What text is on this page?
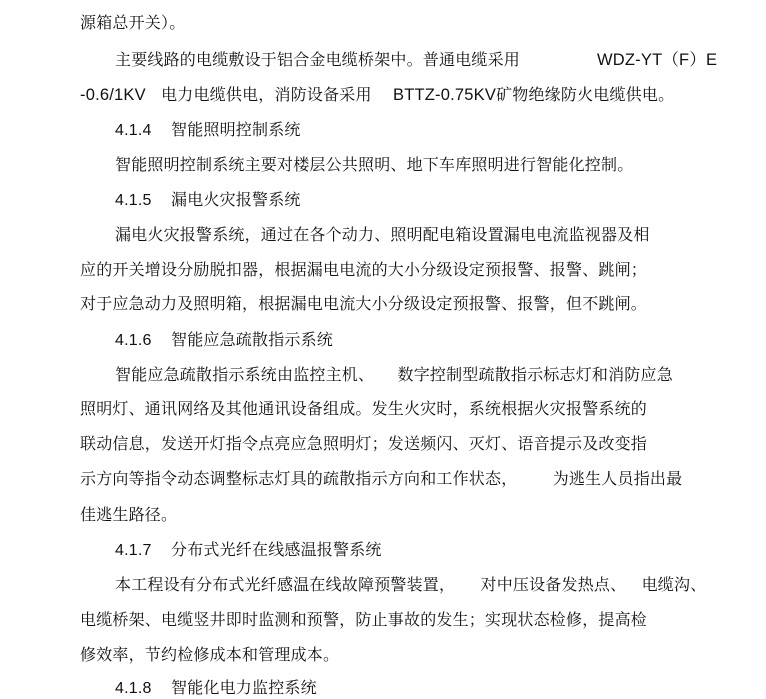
源箱总开关）。
主要线路的电缆敷设于铝合金电缆桥架中。普通电缆采用	WDZ-YT（F）E
-0.6/1KV 电力电缆供电，消防设备采用 BTTZ-0.75KV矿物绝缘防火电缆供电。
4.1.4 智能照明控制系统
智能照明控制系统主要对楼层公共照明、地下车库照明进行智能化控制。
4.1.5 漏电火灾报警系统
漏电火灾报警系统，通过在各个动力、照明配电箱设置漏电电流监视器及相
应的开关增设分励脱扣器，根据漏电电流的大小分级设定预报警、报警、跳闸；
对于应急动力及照明箱，根据漏电电流大小分级设定预报警、报警，但不跳闸。
4.1.6 智能应急疏散指示系统
智能应急疏散指示系统由监控主机、 数字控制型疏散指示标志灯和消防应急
照明灯、通讯网络及其他通讯设备组成。发生火灾时，系统根据火灾报警系统的
联动信息，发送开灯指令点亮应急照明灯；发送频闪、灭灯、语音提示及改变指
示方向等指令动态调整标志灯具的疏散指示方向和工作状态， 为逃生人员指出最
佳逃生路径。
4.1.7 分布式光纤在线感温报警系统
本工程设有分布式光纤感温在线故障预警装置， 对中压设备发热点、 电缆沟、
电缆桥架、电缆竖井即时监测和预警，防止事故的发生；实现状态检修，提高检
修效率，节约检修成本和管理成本。
4.1.8 智能化电力监控系统
